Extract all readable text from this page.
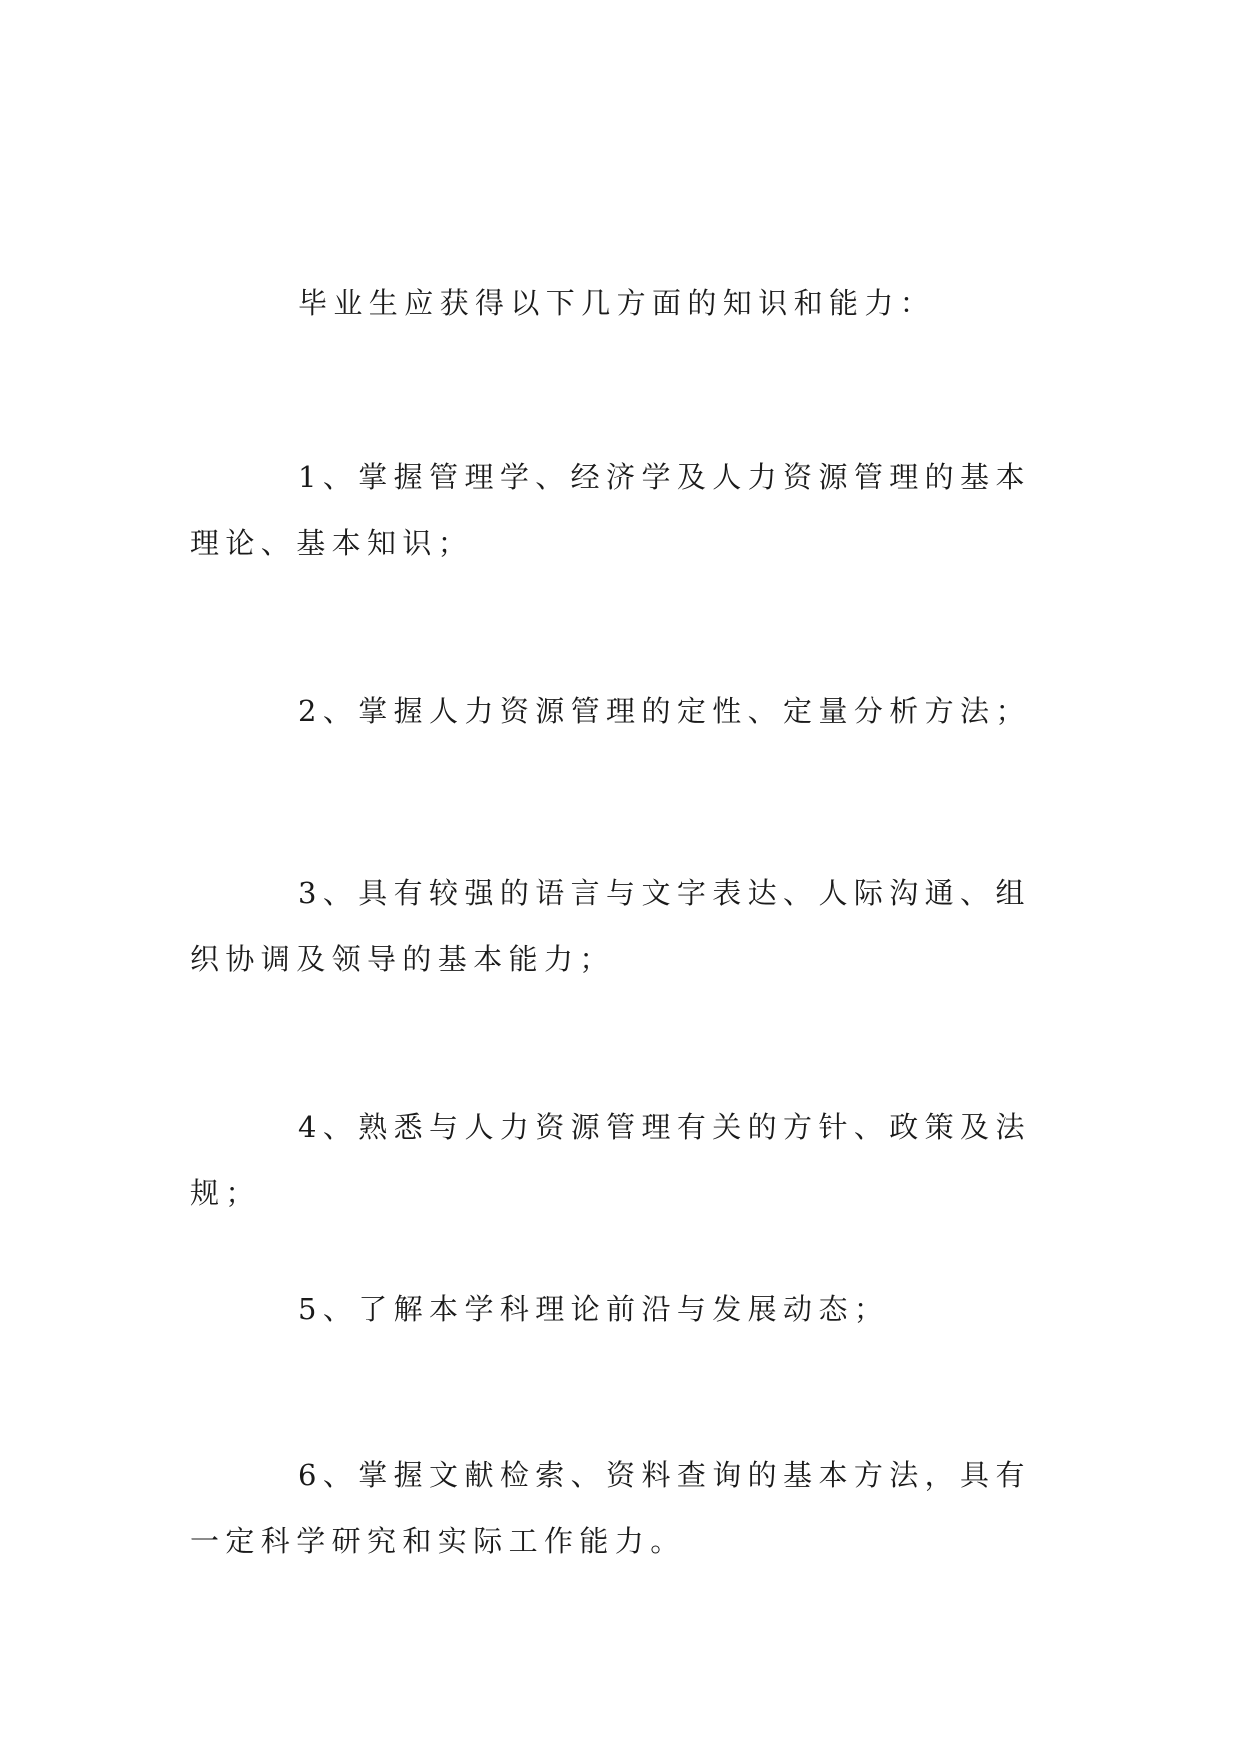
毕业生应获得以下几方面的知识和能力：

1、掌握管理学、经济学及人力资源管理的基本理论、基本知识；

2、掌握人力资源管理的定性、定量分析方法；

3、具有较强的语言与文字表达、人际沟通、组织协调及领导的基本能力；

4、熟悉与人力资源管理有关的方针、政策及法规；

5、了解本学科理论前沿与发展动态；

6、掌握文献检索、资料查询的基本方法，具有一定科学研究和实际工作能力。
